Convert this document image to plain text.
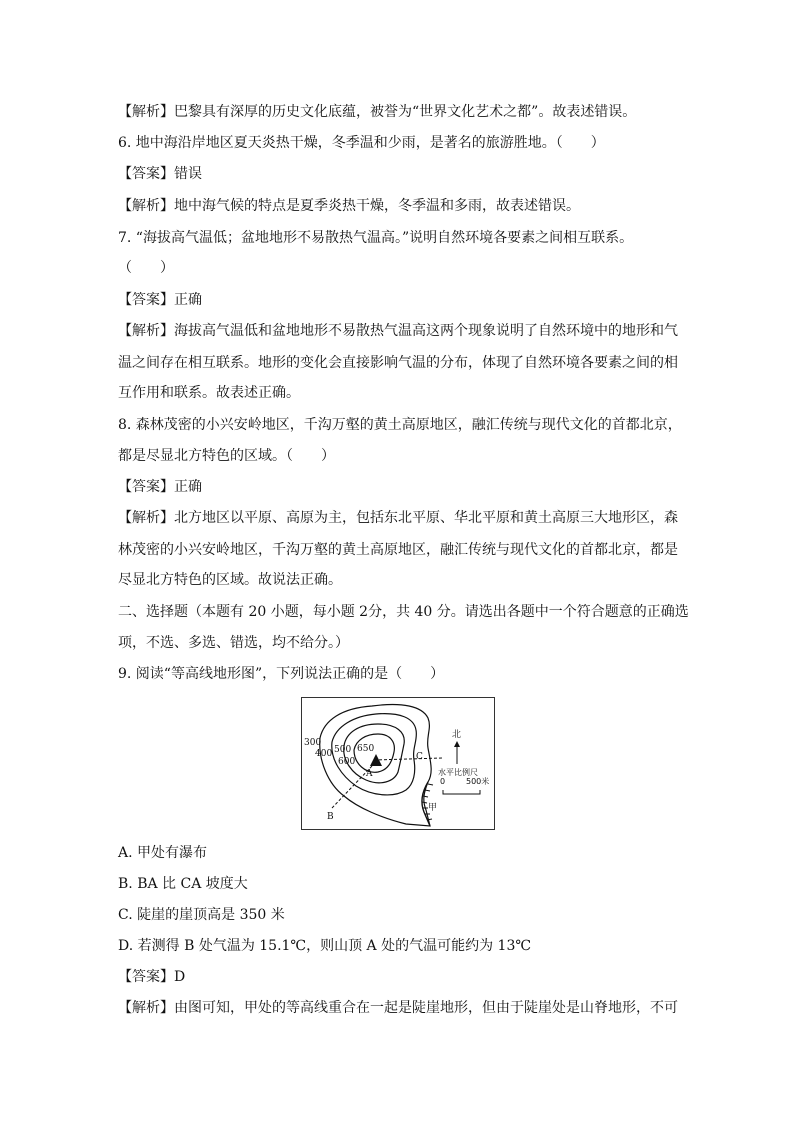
【解析】巴黎具有深厚的历史文化底蕴，被誉为“世界文化艺术之都”。故表述错误。

6. 地中海沿岸地区夏天炎热干燥，冬季温和少雨，是著名的旅游胜地。（　　）

【答案】错误

【解析】地中海气候的特点是夏季炎热干燥，冬季温和多雨，故表述错误。

7. “海拔高气温低；盆地地形不易散热气温高。”说明自然环境各要素之间相互联系。

（　　）

【答案】正确

【解析】海拔高气温低和盆地地形不易散热气温高这两个现象说明了自然环境中的地形和气

温之间存在相互联系。地形的变化会直接影响气温的分布，体现了自然环境各要素之间的相

互作用和联系。故表述正确。

8. 森林茂密的小兴安岭地区，千沟万壑的黄土高原地区，融汇传统与现代文化的首都北京，

都是尽显北方特色的区域。（　　）

【答案】正确

【解析】北方地区以平原、高原为主，包括东北平原、华北平原和黄土高原三大地形区，森

林茂密的小兴安岭地区，千沟万壑的黄土高原地区，融汇传统与现代文化的首都北京，都是

尽显北方特色的区域。故说法正确。

二、选择题（本题有 20 小题，每小题 2分，共 40 分。请选出各题中一个符合题意的正确选

项，不选、多选、错选，均不给分。）

9. 阅读“等高线地形图”，下列说法正确的是（　　）

300
400 500 650
600
A
B
C
甲
北
水平比例尺
0	500米

A. 甲处有瀑布

B. BA 比 CA 坡度大

C. 陡崖的崖顶高是 350 米

D. 若测得 B 处气温为 15.1℃，则山顶 A 处的气温可能约为 13℃

【答案】D

【解析】由图可知，甲处的等高线重合在一起是陡崖地形，但由于陡崖处是山脊地形，不可
